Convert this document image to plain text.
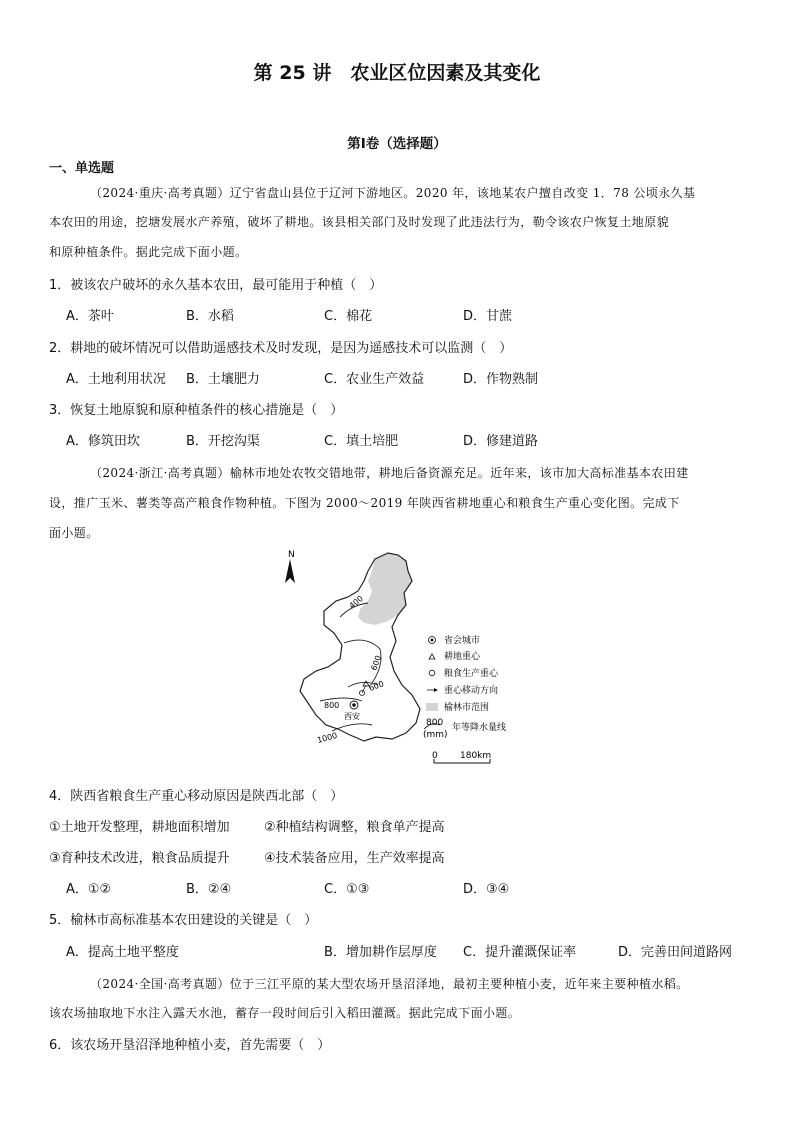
第 25 讲　农业区位因素及其变化
第Ⅰ卷（选择题）
一、单选题
（2024·重庆·高考真题）辽宁省盘山县位于辽河下游地区。2020 年，该地某农户擅自改变 1．78 公顷永久基
本农田的用途，挖塘发展水产养殖，破坏了耕地。该县相关部门及时发现了此违法行为，勒令该农户恢复土地原貌
和原种植条件。据此完成下面小题。
1．被该农户破坏的永久基本农田，最可能用于种植（　）
A．茶叶	B．水稻	C．棉花	D．甘蔗
2．耕地的破坏情况可以借助遥感技术及时发现，是因为遥感技术可以监测（　）
A．土地利用状况 B．土壤肥力	C．农业生产效益	D．作物熟制
3．恢复土地原貌和原种植条件的核心措施是（　）
A．修筑田坎	B．开挖沟渠	C．填土培肥	D．修建道路
（2024·浙江·高考真题）榆林市地处农牧交错地带，耕地后备资源充足。近年来，该市加大高标准基本农田建
设，推广玉米、薯类等高产粮食作物种植。下图为 2000～2019 年陕西省耕地重心和粮食生产重心变化图。完成下
面小题。
N
400
600
600
800
1000
西安
省会城市
耕地重心
粮食生产重心
重心移动方向
榆林市范围
800
(mm)
年等降水量线
0 180km
4．陕西省粮食生产重心移动原因是陕西北部（　）
①土地开发整理，耕地面积增加	②种植结构调整，粮食单产提高
③育种技术改进，粮食品质提升	④技术装备应用，生产效率提高
A．①②	B．②④	C．①③	D．③④
5．榆林市高标准基本农田建设的关键是（　）
A．提高土地平整度	B．增加耕作层厚度 C．提升灌溉保证率	D．完善田间道路网
（2024·全国·高考真题）位于三江平原的某大型农场开垦沼泽地，最初主要种植小麦，近年来主要种植水稻。
该农场抽取地下水注入露天水池，蓄存一段时间后引入稻田灌溉。据此完成下面小题。
6．该农场开垦沼泽地种植小麦，首先需要（　）
